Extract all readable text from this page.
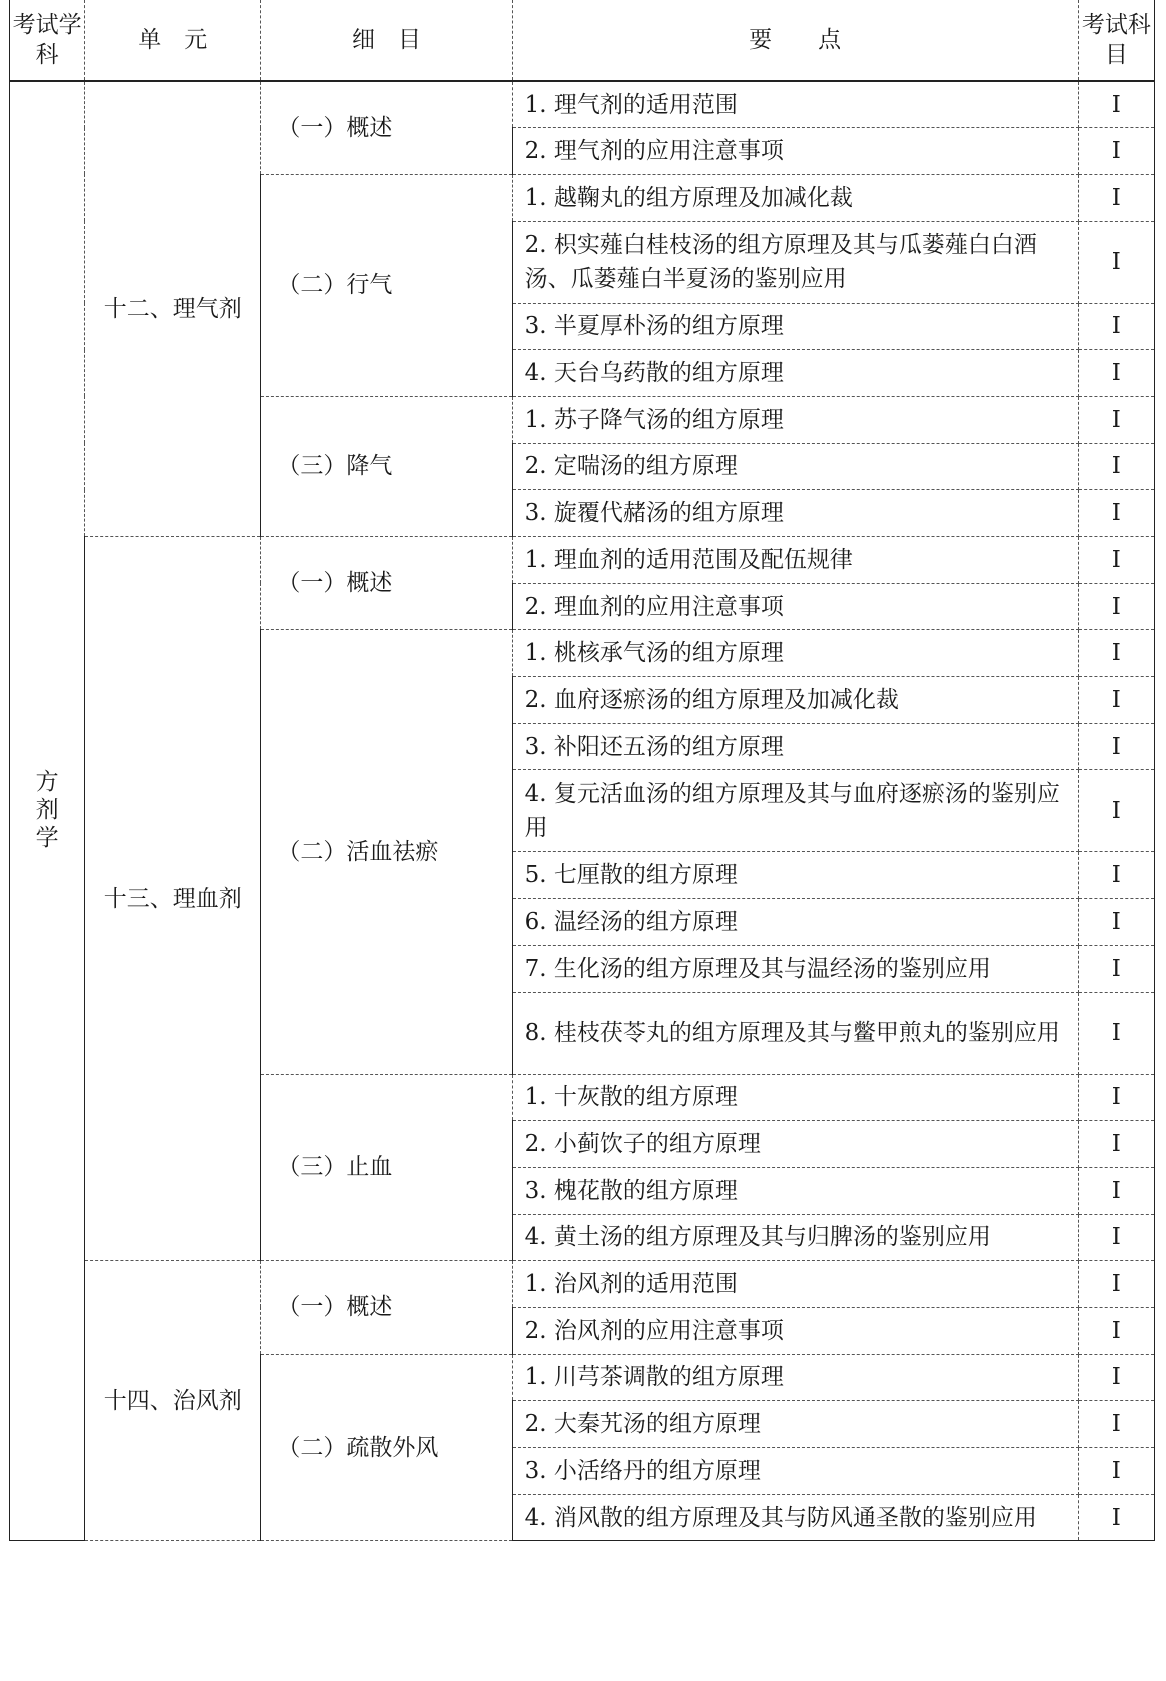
考试学科	单　元	细　目	要　　点	考试科目
方剂学	十二、理气剂	（一）概述	1. 理气剂的适用范围	Ⅰ
			2. 理气剂的应用注意事项	Ⅰ
		（二）行气	1. 越鞠丸的组方原理及加减化裁	Ⅰ
			2. 枳实薤白桂枝汤的组方原理及其与瓜蒌薤白白酒汤、瓜蒌薤白半夏汤的鉴别应用	Ⅰ
			3. 半夏厚朴汤的组方原理	Ⅰ
			4. 天台乌药散的组方原理	Ⅰ
		（三）降气	1. 苏子降气汤的组方原理	Ⅰ
			2. 定喘汤的组方原理	Ⅰ
			3. 旋覆代赭汤的组方原理	Ⅰ
	十三、理血剂	（一）概述	1. 理血剂的适用范围及配伍规律	Ⅰ
			2. 理血剂的应用注意事项	Ⅰ
		（二）活血祛瘀	1. 桃核承气汤的组方原理	Ⅰ
			2. 血府逐瘀汤的组方原理及加减化裁	Ⅰ
			3. 补阳还五汤的组方原理	Ⅰ
			4. 复元活血汤的组方原理及其与血府逐瘀汤的鉴别应用	Ⅰ
			5. 七厘散的组方原理	Ⅰ
			6. 温经汤的组方原理	Ⅰ
			7. 生化汤的组方原理及其与温经汤的鉴别应用	Ⅰ
			8. 桂枝茯苓丸的组方原理及其与鳖甲煎丸的鉴别应用	Ⅰ
		（三）止血	1. 十灰散的组方原理	Ⅰ
			2. 小蓟饮子的组方原理	Ⅰ
			3. 槐花散的组方原理	Ⅰ
			4. 黄土汤的组方原理及其与归脾汤的鉴别应用	Ⅰ
	十四、治风剂	（一）概述	1. 治风剂的适用范围	Ⅰ
			2. 治风剂的应用注意事项	Ⅰ
		（二）疏散外风	1. 川芎茶调散的组方原理	Ⅰ
			2. 大秦艽汤的组方原理	Ⅰ
			3. 小活络丹的组方原理	Ⅰ
			4. 消风散的组方原理及其与防风通圣散的鉴别应用	Ⅰ
